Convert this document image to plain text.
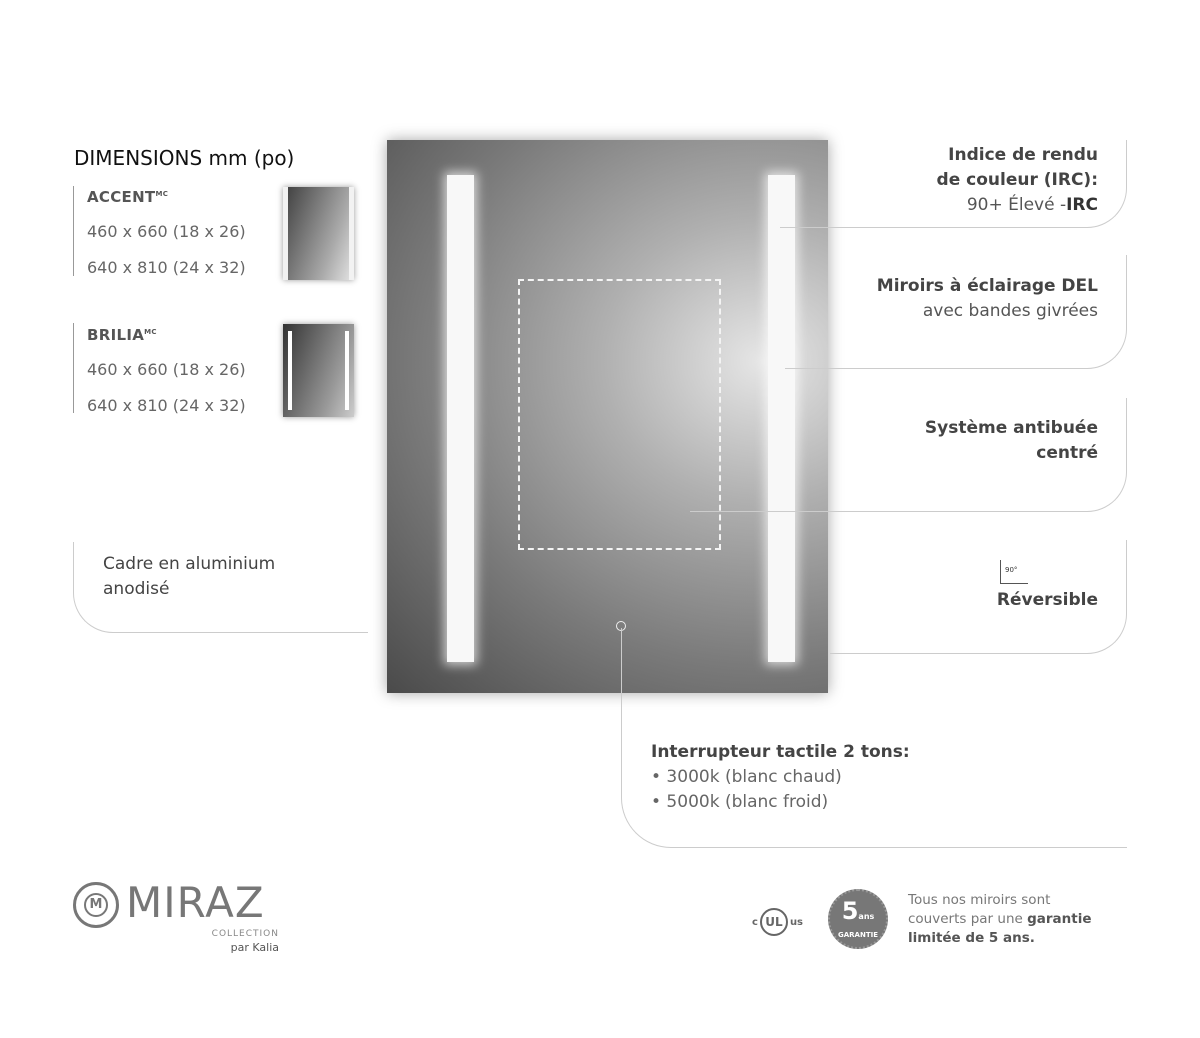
DIMENSIONS mm (po)
$ACCENT^{MC}$
460 x 660 (18 x 26)
640 x 810 (24 x 32)
$BRILIA^{MC}$
460 x 660 (18 x 26)
640 x 810 (24 x 32)
Cadre en aluminium
anodisé
Indice de rendu
de couleur (IRC):
90+ Élevé -IRC
Miroirs à éclairage DEL
avec bandes givrées
Système antibuée
centré
90°
Réversible
Interrupteur tactile 2 tons:
• 3000k (blanc chaud)
• 5000k (blanc froid)
M MIRAZ
COLLECTION
par Kalia
c UL us	5ans
GARANTIE
Tous nos miroirs sont
couverts par une garantie
limitée de 5 ans.
